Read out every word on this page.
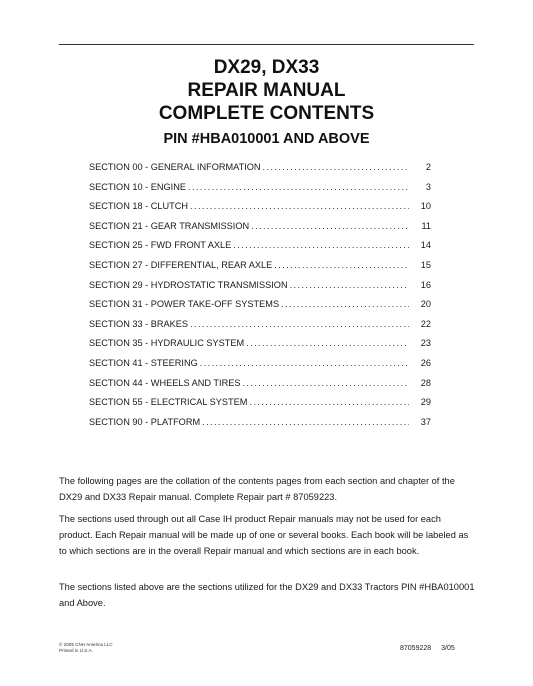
DX29, DX33
REPAIR MANUAL
COMPLETE CONTENTS
PIN #HBA010001 AND ABOVE
SECTION 00 - GENERAL INFORMATION .....	2
SECTION 10 - ENGINE .....	3
SECTION 18 - CLUTCH .....	10
SECTION 21 - GEAR TRANSMISSION .....	11
SECTION 25 - FWD FRONT AXLE .....	14
SECTION 27 - DIFFERENTIAL, REAR AXLE .....	15
SECTION 29 - HYDROSTATIC TRANSMISSION .....	16
SECTION 31 - POWER TAKE-OFF SYSTEMS .....	20
SECTION 33 - BRAKES .....	22
SECTION 35 - HYDRAULIC SYSTEM .....	23
SECTION 41 - STEERING .....	26
SECTION 44 - WHEELS AND TIRES .....	28
SECTION 55 - ELECTRICAL SYSTEM .....	29
SECTION 90 - PLATFORM .....	37

The following pages are the collation of the contents pages from each section and chapter of the DX29 and DX33 Repair manual. Complete Repair part # 87059223.

The sections used through out all Case IH product Repair manuals may not be used for each product. Each Repair manual will be made up of one or several books. Each book will be labeled as to which sections are in the overall Repair manual and which sections are in each book.

The sections listed above are the sections utilized for the DX29 and DX33 Tractors PIN #HBA010001 and Above.

© 2005 CNH America LLC
Printed in U.S.A.	87059228 3/05
